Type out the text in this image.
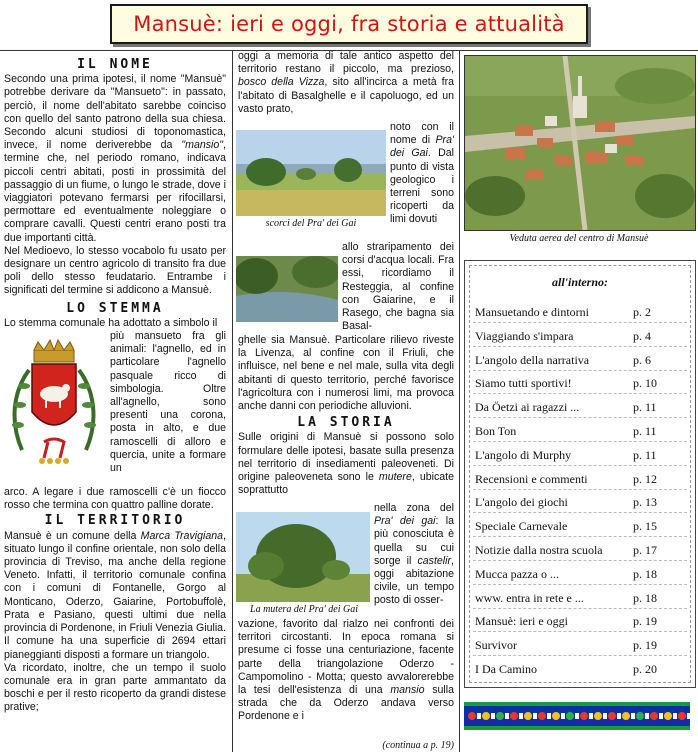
Mansuè: ieri e oggi, fra storia e attualità
IL NOME

Secondo una prima ipotesi, il nome "Mansuè" potrebbe derivare da "Mansueto": in passato, perciò, il nome dell'abitato sarebbe coinciso con quello del santo patrono della sua chiesa. Secondo alcuni studiosi di toponomastica, invece, il nome deriverebbe da "mansio", termine che, nel periodo romano, indicava piccoli centri abitati, posti in prossimità del passaggio di un fiume, o lungo le strade, dove i viaggiatori potevano fermarsi per rifocillarsi, permottare ed eventualmente noleggiare o comprare cavalli. Questi centri erano posti tra due importanti città.

Nel Medioevo, lo stesso vocabolo fu usato per designare un centro agricolo di transito fra due poli dello stesso feudatario. Entrambe i significati del termine si addicono a Mansuè.

LO STEMMA

Lo stemma comunale ha adottato a simbolo il

più mansueto fra gli animali: l'agnello, ed in particolare l'agnello pasquale ricco di simbologia. Oltre all'agnello, sono presenti una corona, posta in alto, e due ramoscelli di alloro e quercia, unite a formare un

arco. A legare i due ramoscelli c'è un fiocco rosso che termina con quattro palline dorate.

IL TERRITORIO

Mansuè è un comune della Marca Travigiana, situato lungo il confine orientale, non solo della provincia di Treviso, ma anche della regione Veneto. Infatti, il territorio comunale confina con i comuni di Fontanelle, Gorgo al Monticano, Oderzo, Gaiarine, Portobuffolè, Prata e Pasiano, questi ultimi due nella provincia di Pordenone, in Friuli Venezia Giulia.

Il comune ha una superficie di 2694 ettari pianeggianti disposti a formare un triangolo.

Va ricordato, inoltre, che un tempo il suolo comunale era in gran parte ammantato da boschi e per il resto ricoperto da grandi distese prative;

oggi a memoria di tale antico aspetto del territorio restano il piccolo, ma prezioso, bosco della Vizza, sito all'incirca a metà fra l'abitato di Basalghelle e il capoluogo, ed un vasto prato,

scorci del Pra' dei Gai

noto con il nome di Pra' dei Gai. Dal punto di vista geologico i terreni sono ricoperti da limi dovuti

allo straripamento dei corsi d'acqua locali. Fra essi, ricordiamo il Resteggia, al confine con Gaiarine, e il Rasego, che bagna sia Basal-

ghelle sia Mansuè. Particolare rilievo riveste la Livenza, al confine con il Friuli, che influisce, nel bene e nel male, sulla vita degli abitanti di questo territorio, perché favorisce l'agricoltura con i numerosi limi, ma provoca anche danni con periodiche alluvioni.

LA STORIA

Sulle origini di Mansuè si possono solo formulare delle ipotesi, basate sulla presenza nel territorio di insediamenti paleoveneti. Di origine paleoveneta sono le mutere, ubicate soprattutto

La mutera del Pra' dei Gai

nella zona del Pra' dei gai: la più conosciuta è quella su cui sorge il castelir, oggi abitazione civile, un tempo posto di osser-

vazione, favorito dal rialzo nei confronti dei territori circostanti. In epoca romana si presume ci fosse una centuriazione, facente parte della triangolazione Oderzo - Campomolino - Motta; questo avvalorerebbe la tesi dell'esistenza di una mansio sulla strada che da Oderzo andava verso Pordenone e i

(continua a p. 19)
Veduta aerea del centro di Mansuè
all'interno:
Mansuetando e dintorni	p. 2
Viaggiando s'impara	p. 4
L'angolo della narrativa	p. 6
Siamo tutti sportivi!	p. 10
Da Öetzi ai ragazzi ...	p. 11
Bon Ton	p. 11
L'angolo di Murphy	p. 11
Recensioni e commenti	p. 12
L'angolo dei giochi	p. 13
Speciale Carnevale	p. 15
Notizie dalla nostra scuola	p. 17
Mucca pazza o ...	p. 18
www. entra in rete e ...	p. 18
Mansuè: ieri e oggi	p. 19
Survivor	p. 19
I Da Camino	p. 20
